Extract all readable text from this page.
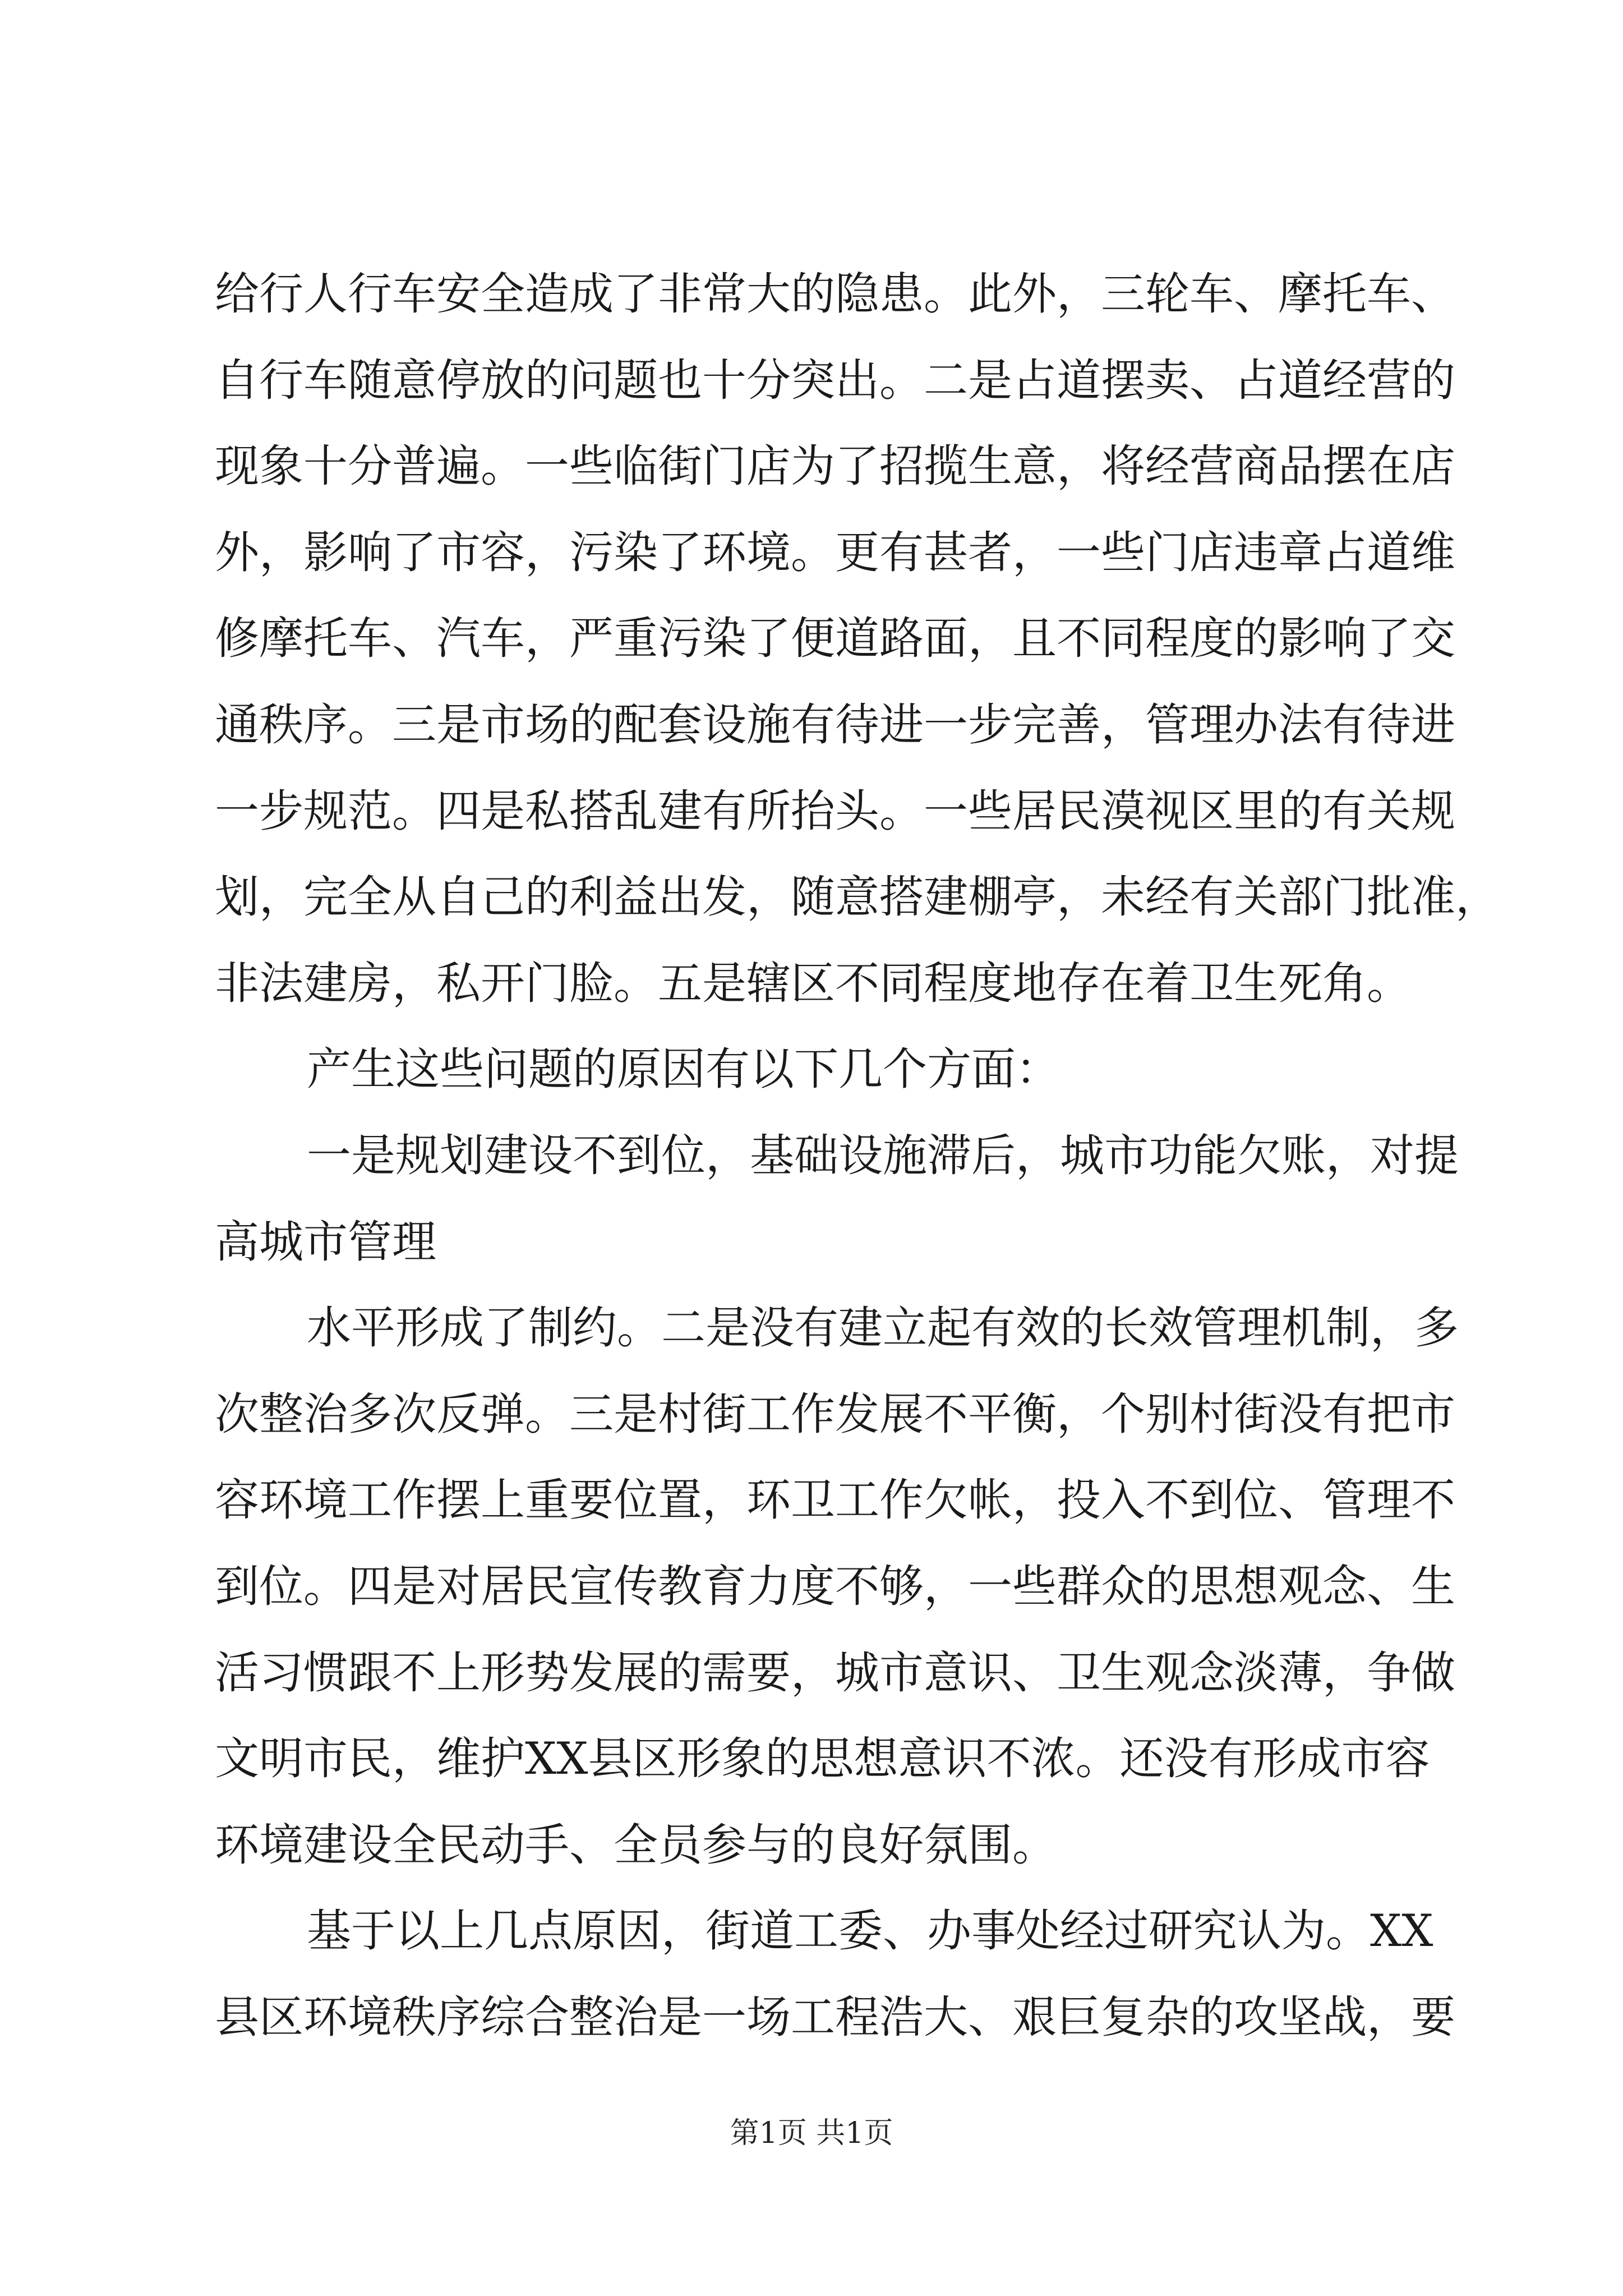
给行人行车安全造成了非常大的隐患。此外，三轮车、摩托车、
自行车随意停放的问题也十分突出。二是占道摆卖、占道经营的
现象十分普遍。一些临街门店为了招揽生意，将经营商品摆在店
外，影响了市容，污染了环境。更有甚者，一些门店违章占道维
修摩托车、汽车，严重污染了便道路面，且不同程度的影响了交
通秩序。三是市场的配套设施有待进一步完善，管理办法有待进
一步规范。四是私搭乱建有所抬头。一些居民漠视区里的有关规
划，完全从自己的利益出发，随意搭建棚亭，未经有关部门批准，
非法建房，私开门脸。五是辖区不同程度地存在着卫生死角。
产生这些问题的原因有以下几个方面：
一是规划建设不到位，基础设施滞后，城市功能欠账，对提
高城市管理
水平形成了制约。二是没有建立起有效的长效管理机制，多
次整治多次反弹。三是村街工作发展不平衡，个别村街没有把市
容环境工作摆上重要位置，环卫工作欠帐，投入不到位、管理不
到位。四是对居民宣传教育力度不够，一些群众的思想观念、生
活习惯跟不上形势发展的需要，城市意识、卫生观念淡薄，争做
文明市民，维护XX县区形象的思想意识不浓。还没有形成市容
环境建设全民动手、全员参与的良好氛围。
基于以上几点原因，街道工委、办事处经过研究认为。XX
县区环境秩序综合整治是一场工程浩大、艰巨复杂的攻坚战，要
第1页 共1页
